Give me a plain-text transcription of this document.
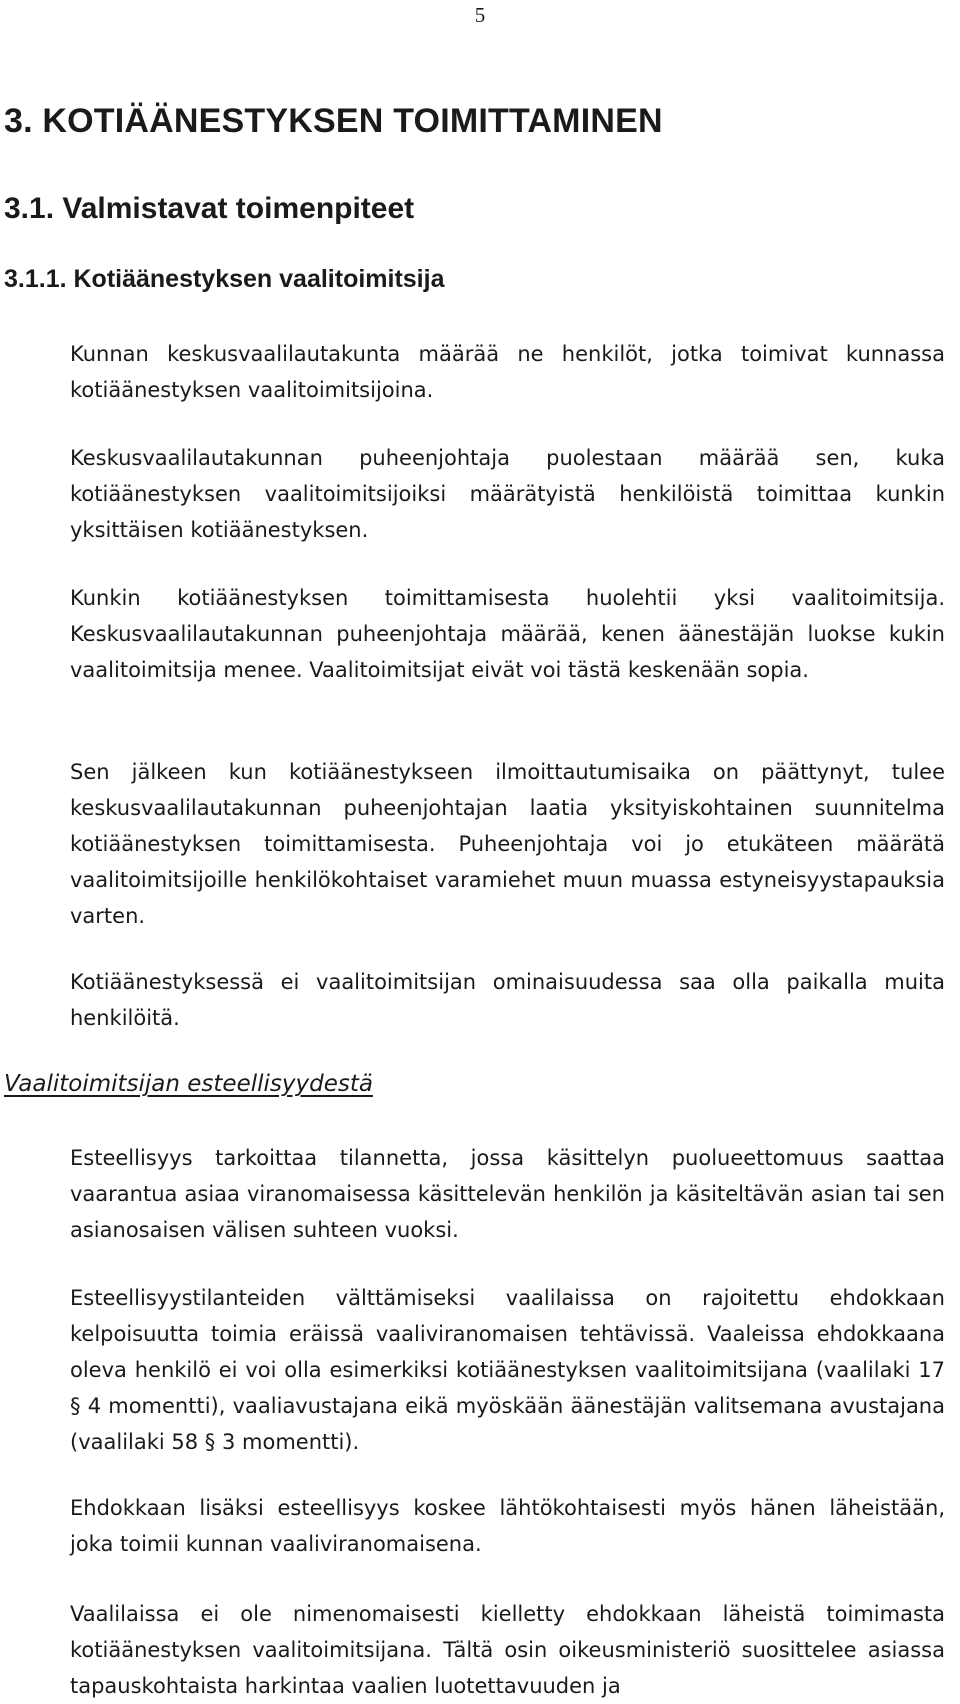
5
3. KOTIÄÄNESTYKSEN TOIMITTAMINEN
3.1. Valmistavat toimenpiteet
3.1.1. Kotiäänestyksen vaalitoimitsija

Kunnan keskusvaalilautakunta määrää ne henkilöt, jotka toimivat kunnassa kotiäänestyksen vaalitoimitsijoina.

Keskusvaalilautakunnan puheenjohtaja puolestaan määrää sen, kuka kotiäänestyksen vaalitoimitsijoiksi määrätyistä henkilöistä toimittaa kunkin yksittäisen kotiäänestyksen.

Kunkin kotiäänestyksen toimittamisesta huolehtii yksi vaalitoimitsija. Keskusvaalilautakunnan puheenjohtaja määrää, kenen äänestäjän luokse kukin vaalitoimitsija menee. Vaalitoimitsijat eivät voi tästä keskenään sopia.

Sen jälkeen kun kotiäänestykseen ilmoittautumisaika on päättynyt, tulee keskusvaalilautakunnan puheenjohtajan laatia yksityiskohtainen suunnitelma kotiäänestyksen toimittamisesta. Puheenjohtaja voi jo etukäteen määrätä vaalitoimitsijoille henkilökohtaiset varamiehet muun muassa estyneisyystapauksia varten.

Kotiäänestyksessä ei vaalitoimitsijan ominaisuudessa saa olla paikalla muita henkilöitä.

Vaalitoimitsijan esteellisyydestä

Esteellisyys tarkoittaa tilannetta, jossa käsittelyn puolueettomuus saattaa vaarantua asiaa viranomaisessa käsittelevän henkilön ja käsiteltävän asian tai sen asianosaisen välisen suhteen vuoksi.

Esteellisyystilanteiden välttämiseksi vaalilaissa on rajoitettu ehdokkaan kelpoisuutta toimia eräissä vaaliviranomaisen tehtävissä. Vaaleissa ehdokkaana oleva henkilö ei voi olla esimerkiksi kotiäänestyksen vaalitoimitsijana (vaalilaki 17 § 4 momentti), vaaliavustajana eikä myöskään äänestäjän valitsemana avustajana (vaalilaki 58 § 3 momentti).

Ehdokkaan lisäksi esteellisyys koskee lähtökohtaisesti myös hänen läheistään, joka toimii kunnan vaaliviranomaisena.

Vaalilaissa ei ole nimenomaisesti kielletty ehdokkaan läheistä toimimasta kotiäänestyksen vaalitoimitsijana. Tältä osin oikeusministeriö suosittelee asiassa tapauskohtaista harkintaa vaalien luotettavuuden ja
